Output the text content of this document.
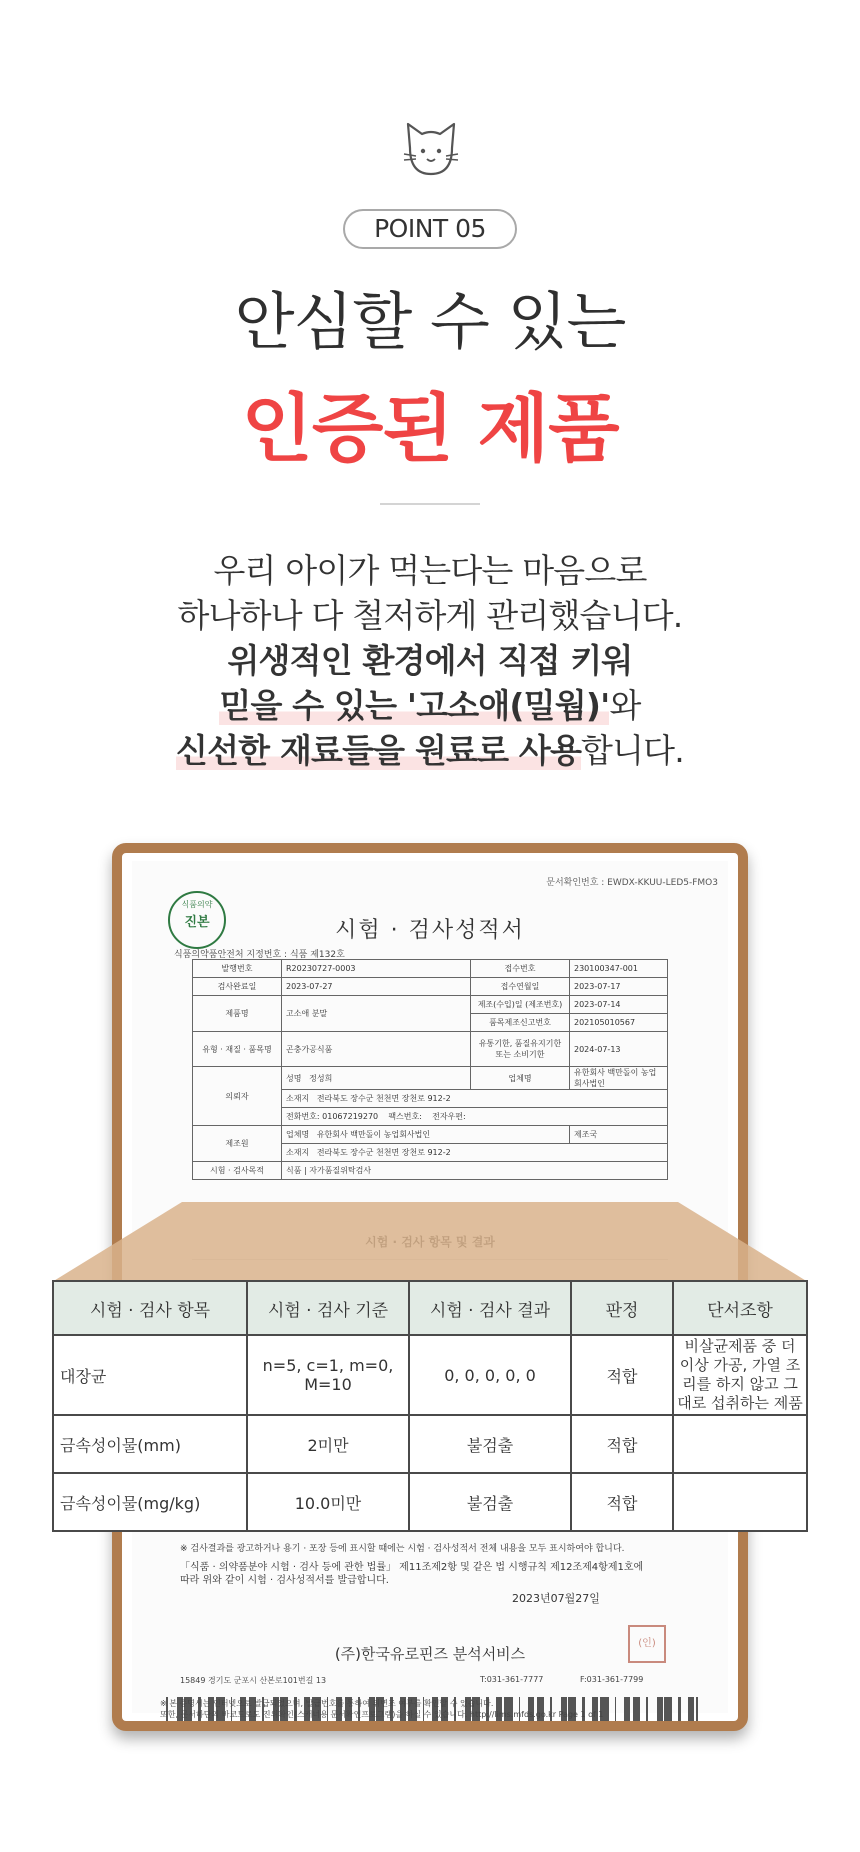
POINT 05
안심할 수 있는
인증된 제품
우리 아이가 먹는다는 마음으로
하나하나 다 철저하게 관리했습니다.
위생적인 환경에서 직접 키워
믿을 수 있는 '고소애(밀웜)'와
신선한 재료들을 원료로 사용합니다.
문서확인번호 : EWDX-KKUU-LED5-FMO3
식품의약
진본	시험 · 검사성적서
식품의약품안전처 지정번호 : 식품 제132호
발행번호	R20230727-0003	접수번호	230100347-001
검사완료일	2023-07-27	접수연월일	2023-07-17
제품명	고소애 분말	제조(수입)일 (제조번호)	2023-07-14
		품목제조신고번호	202105010567
유형 · 재질 · 품목명	곤충가공식품	유통기한, 품질유지기한 또는 소비기한	2024-07-13
의뢰자	성명 정성희	업체명	유한회사 백만돌이 농업회사법인
	소재지 전라북도 장수군 천천면 장천로 912-2		
	전화번호: 01067219270 팩스번호: 전자우편:		
제조원	업체명 유한회사 백만돌이 농업회사법인		제조국
	소재지 전라북도 장수군 천천면 장천로 912-2		
시험 · 검사목적	식품 | 자가품질위탁검사		
※ 검사결과를 광고하거나 용기 · 포장 등에 표시할 때에는 시험 · 검사성적서 전체 내용을 모두 표시하여야 합니다.
「식품 · 의약품분야 시험 · 검사 등에 관한 법률」 제11조제2항 및 같은 법 시행규칙 제12조제4항제1호에 따라 위와 같이 시험 · 검사성적서를 발급합니다.
2023년07월27일
(주)한국유로핀즈 분석서비스
(인)
15849 경기도 군포시 산본로101번길 13	T:031-361-7777	F:031-361-7799
※ 본 증명서는 인터넷으로 발급되었으며, 발급번호를 통하여 위변조 여부를 확인할 수 있습니다.
또한, 문서하단의 바코드로도 진위확인(스캐너용 문서확인프로그램)을 하실 수 있습니다. http://lims.mfds.go.kr Page 1 of 1
시험 · 검사 항목	시험 · 검사 기준	시험 · 검사 결과	판정	단서조항
대장균	n=5, c=1, m=0, M=10	0, 0, 0, 0, 0	적합	비살균제품 중 더 이상 가공, 가열 조리를 하지 않고 그대로 섭취하는 제품
금속성이물(mm)	2미만	불검출	적합	
금속성이물(mg/kg)	10.0미만	불검출	적합	
